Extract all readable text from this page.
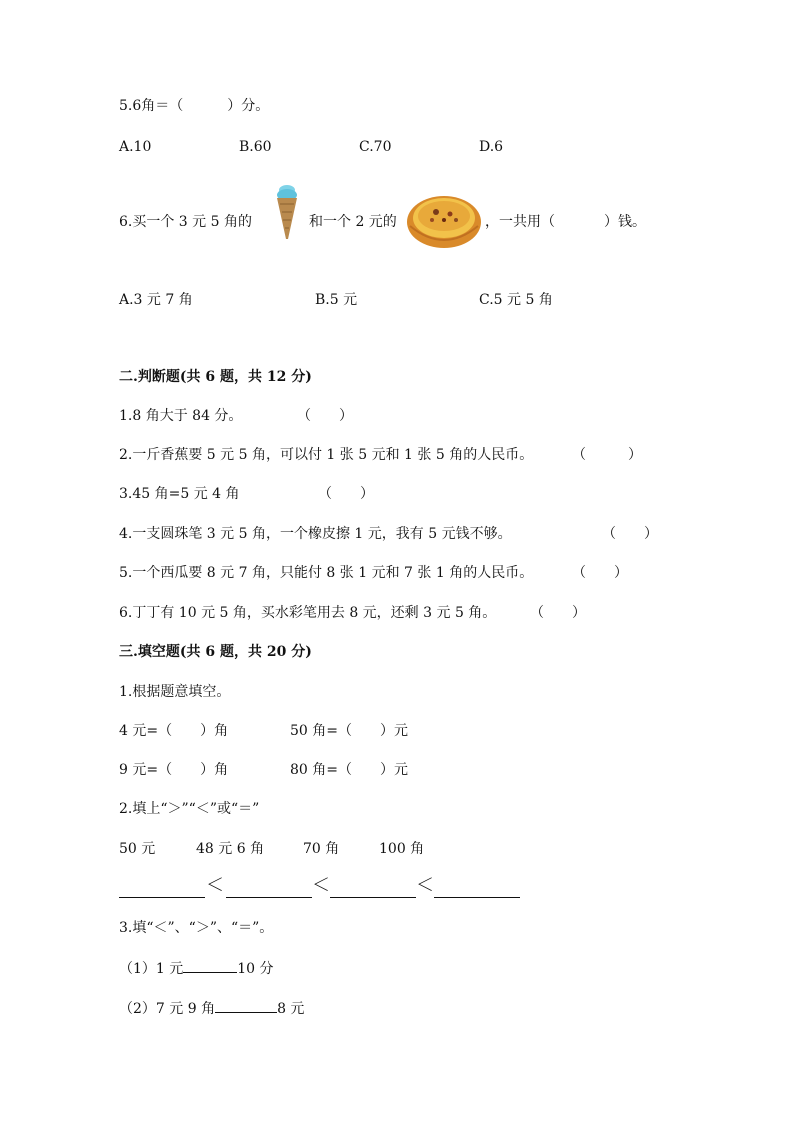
5.6角＝（	）分。
A.10	B.60	C.70	D.6
6.买一个 3 元 5 角的	和一个 2 元的	，一共用（	）钱。
A.3 元 7 角	B.5 元	C.5 元 5 角
二.判断题(共 6 题，共 12 分)
1.8 角大于 84 分。	（　　）
2.一斤香蕉要 5 元 5 角，可以付 1 张 5 元和 1 张 5 角的人民币。	（　　　）
3.45 角=5 元 4 角	（　　）
4.一支圆珠笔 3 元 5 角，一个橡皮擦 1 元，我有 5 元钱不够。	（　　）
5.一个西瓜要 8 元 7 角，只能付 8 张 1 元和 7 张 1 角的人民币。	（　　）
6.丁丁有 10 元 5 角，买水彩笔用去 8 元，还剩 3 元 5 角。 （　　）
三.填空题(共 6 题，共 20 分)
1.根据题意填空。
4 元=（　　）角	50 角=（　　）元
9 元=（　　）角	80 角=（　　）元
2.填上“＞”“＜”或“＝”
50 元	48 元 6 角	70 角	100 角
＜	＜	＜
3.填“＜”、“＞”、“＝”。
（1）1 元	10 分
（2）7 元 9 角	8 元
